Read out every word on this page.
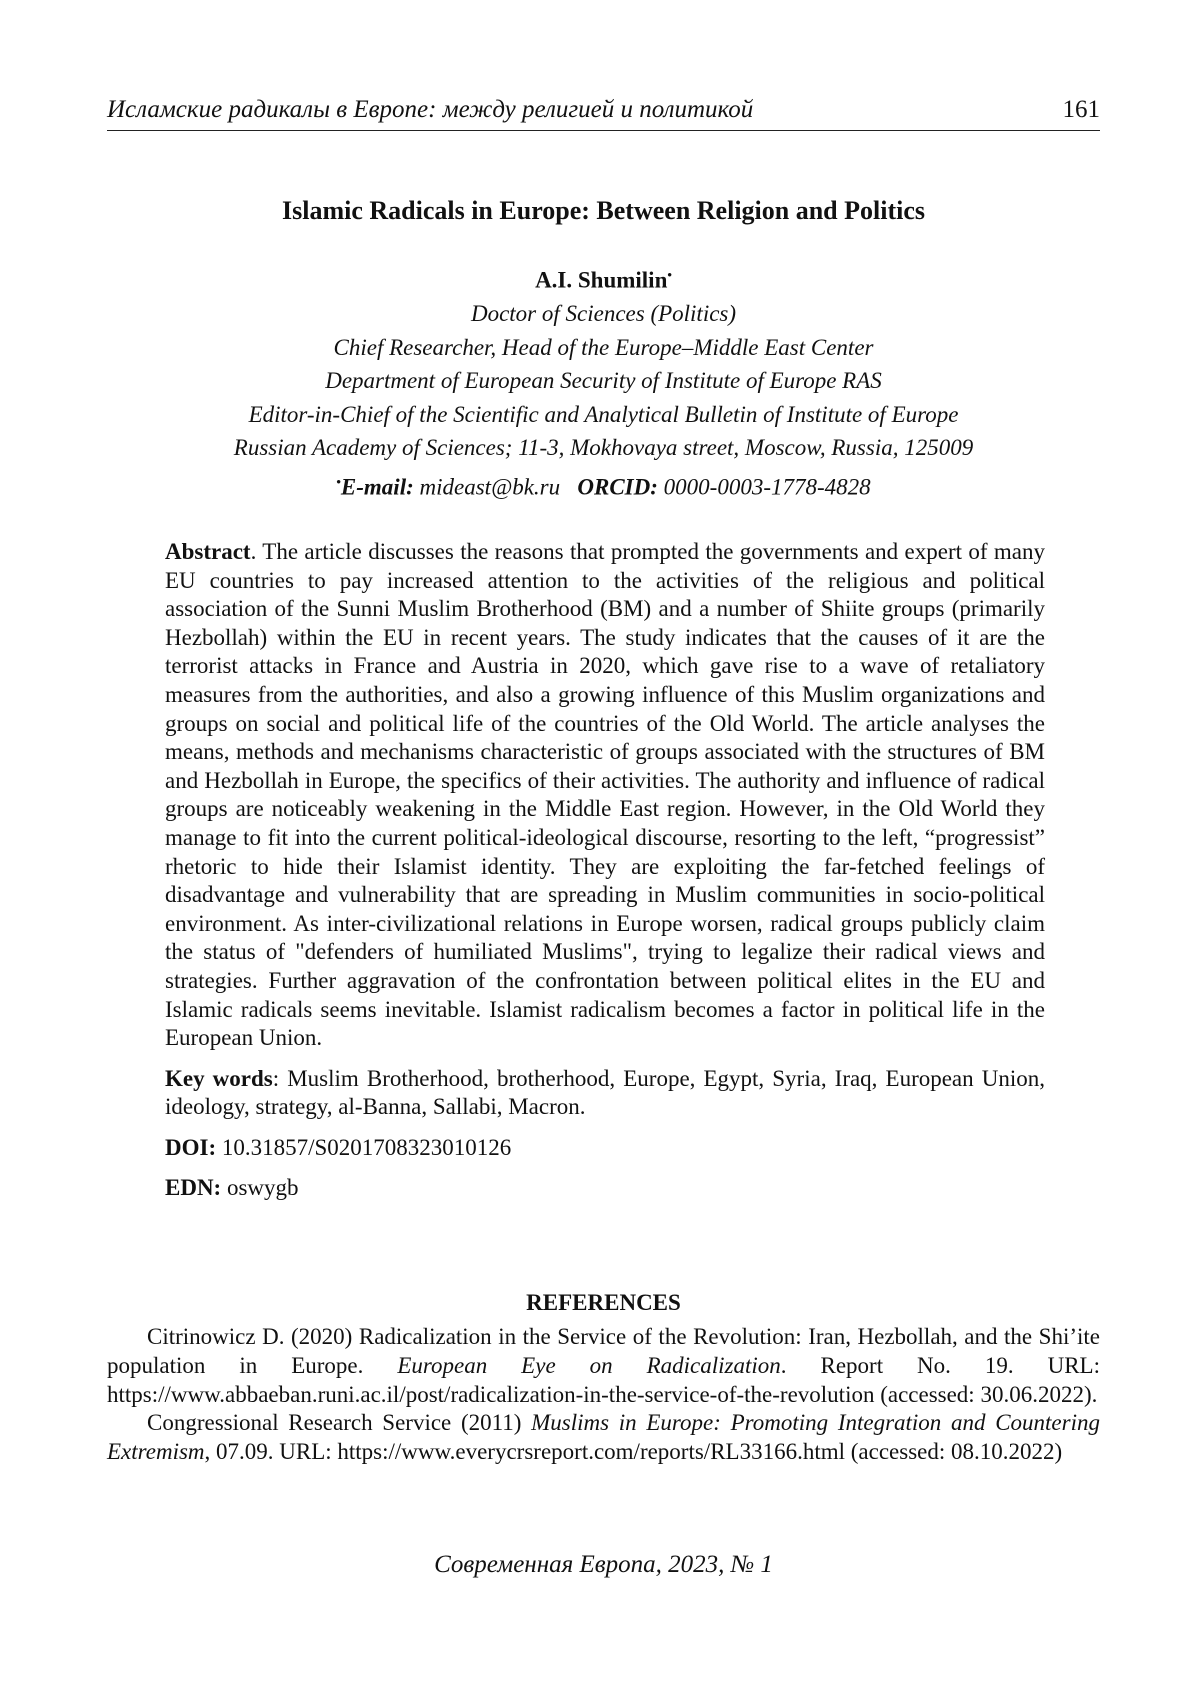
Исламские радикалы в Европе: между религией и политикой	161
Islamic Radicals in Europe: Between Religion and Politics
A.I. Shumilin•
Doctor of Sciences (Politics)
Chief Researcher, Head of the Europe–Middle East Center
Department of European Security of Institute of Europe RAS
Editor-in-Chief of the Scientific and Analytical Bulletin of Institute of Europe
Russian Academy of Sciences; 11-3, Mokhovaya street, Moscow, Russia, 125009
•E-mail: mideast@bk.ru ORCID: 0000-0003-1778-4828

Abstract. The article discusses the reasons that prompted the governments and expert of many EU countries to pay increased attention to the activities of the religious and political association of the Sunni Muslim Brotherhood (BM) and a number of Shiite groups (primarily Hezbollah) within the EU in recent years. The study indicates that the causes of it are the terrorist attacks in France and Austria in 2020, which gave rise to a wave of retaliatory measures from the authorities, and also a growing influence of this Muslim organizations and groups on social and political life of the countries of the Old World. The article analyses the means, methods and mechanisms characteristic of groups associated with the structures of BM and Hezbollah in Europe, the specifics of their activities. The authority and influence of radical groups are noticeably weakening in the Middle East region. However, in the Old World they manage to fit into the current political-ideological discourse, resorting to the left, “progressist” rhetoric to hide their Islamist identity. They are exploiting the far-fetched feelings of disadvantage and vulnerability that are spreading in Muslim communities in socio-political environment. As inter-civilizational relations in Europe worsen, radical groups publicly claim the status of "defenders of humiliated Muslims", trying to legalize their radical views and strategies. Further aggravation of the confrontation between political elites in the EU and Islamic radicals seems inevitable. Islamist radicalism becomes a factor in political life in the European Union.

Key words: Muslim Brotherhood, brotherhood, Europe, Egypt, Syria, Iraq, European Union, ideology, strategy, al-Banna, Sallabi, Macron.

DOI: 10.31857/S0201708323010126

EDN: oswygb

REFERENCES

Citrinowicz D. (2020) Radicalization in the Service of the Revolution: Iran, Hezbollah, and the Shi’ite population in Europe. European Eye on Radicalization. Report No. 19. URL: https://www.abbaeban.runi.ac.il/post/radicalization-in-the-service-of-the-revolution (accessed: 30.06.2022).

Congressional Research Service (2011) Muslims in Europe: Promoting Integration and Countering Extremism, 07.09. URL: https://www.everycrsreport.com/reports/RL33166.html (accessed: 08.10.2022)

Современная Европа, 2023, № 1
